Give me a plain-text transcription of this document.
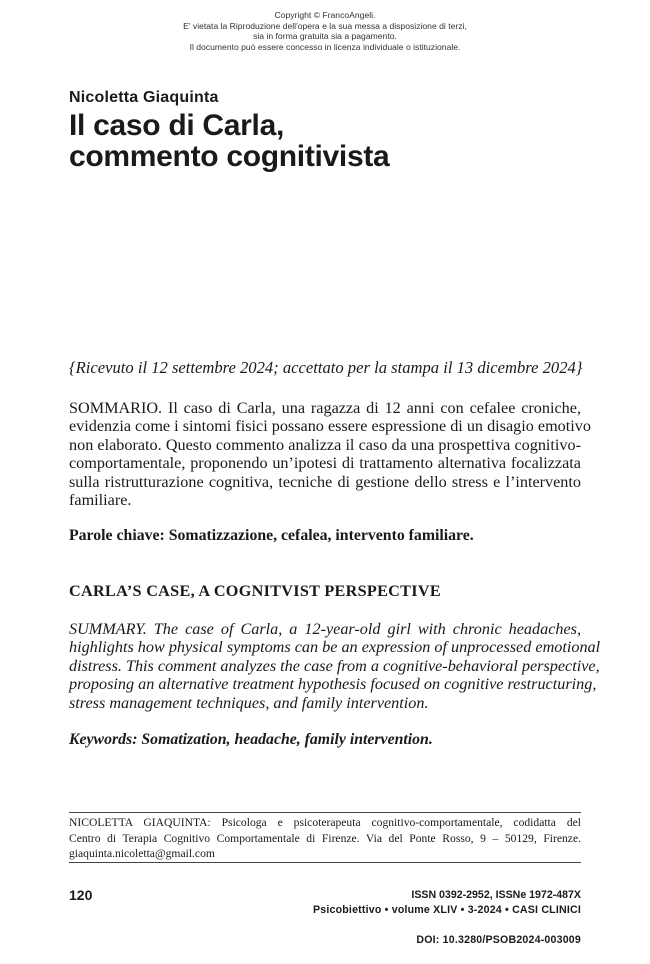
Copyright © FrancoAngeli.
E' vietata la Riproduzione dell'opera e la sua messa a disposizione di terzi,
sia in forma gratuita sia a pagamento.
Il documento può essere concesso in licenza individuale o istituzionale.
Nicoletta Giaquinta
Il caso di Carla,
commento cognitivista
{Ricevuto il 12 settembre 2024; accettato per la stampa il 13 dicembre 2024}
SOMMARIO. Il caso di Carla, una ragazza di 12 anni con cefalee croniche,
evidenzia come i sintomi fisici possano essere espressione di un disagio emotivo
non elaborato. Questo commento analizza il caso da una prospettiva cognitivo-
comportamentale, proponendo un’ipotesi di trattamento alternativa focalizzata
sulla ristrutturazione cognitiva, tecniche di gestione dello stress e l’intervento
familiare.
Parole chiave: Somatizzazione, cefalea, intervento familiare.
CARLA’S CASE, A COGNITVIST PERSPECTIVE
SUMMARY. The case of Carla, a 12-year-old girl with chronic headaches,
highlights how physical symptoms can be an expression of unprocessed emotional
distress. This comment analyzes the case from a cognitive-behavioral perspective,
proposing an alternative treatment hypothesis focused on cognitive restructuring,
stress management techniques, and family intervention.
Keywords: Somatization, headache, family intervention.
NICOLETTA GIAQUINTA: Psicologa e psicoterapeuta cognitivo-comportamentale, codidatta del
Centro di Terapia Cognitivo Comportamentale di Firenze. Via del Ponte Rosso, 9 – 50129, Firenze.
giaquinta.nicoletta@gmail.com
120	ISSN 0392-2952, ISSNe 1972-487X
Psicobiettivo • volume XLIV • 3-2024 • CASI CLINICI
DOI: 10.3280/PSOB2024-003009
